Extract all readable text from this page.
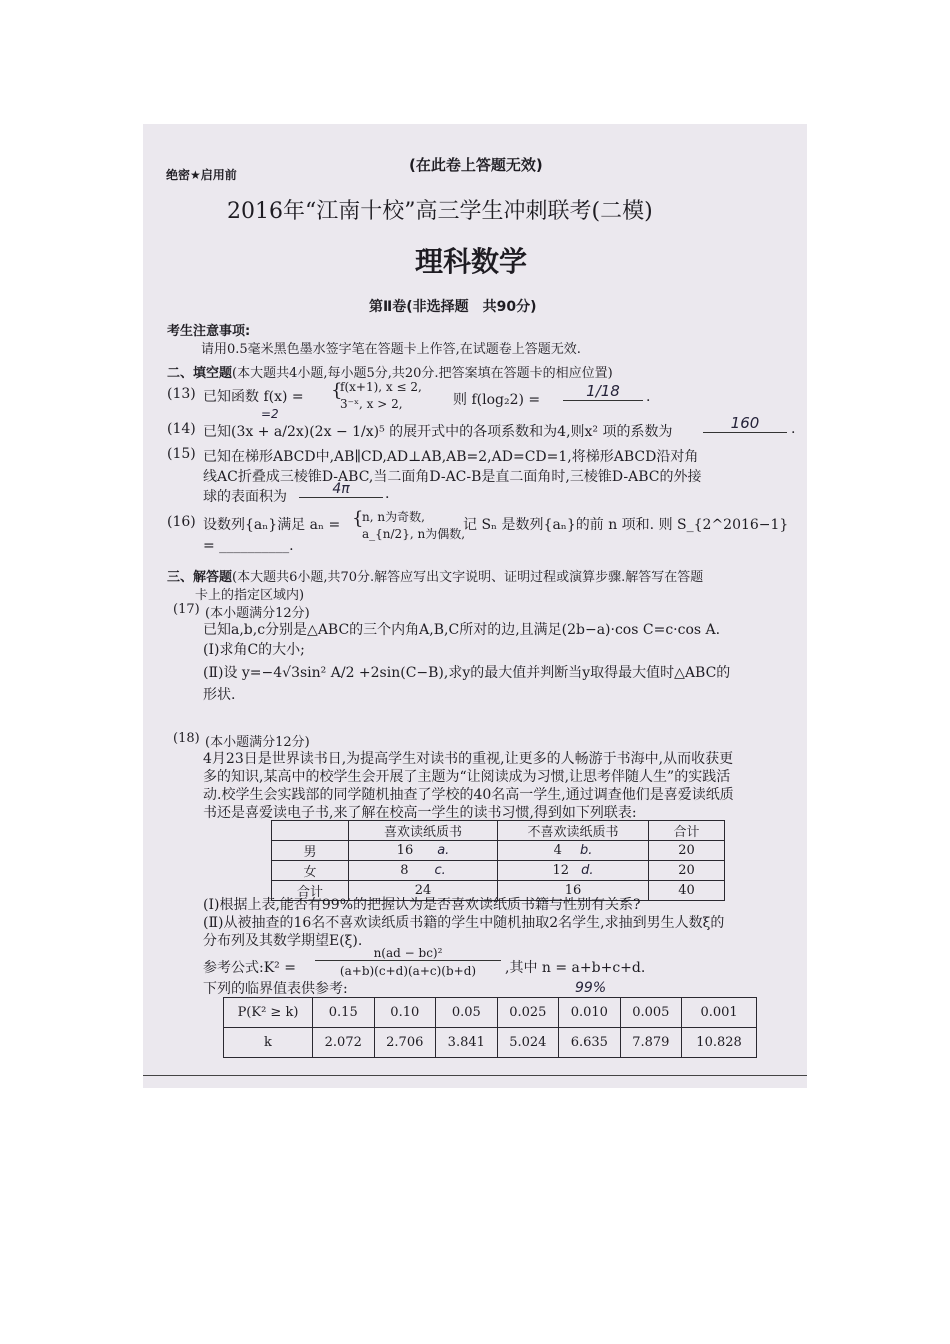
(在此卷上答题无效)
绝密★启用前
2016年“江南十校”高三学生冲刺联考(二模)
理科数学
第Ⅱ卷(非选择题　共90分)
考生注意事项:
请用0.5毫米黑色墨水签字笔在答题卡上作答,在试题卷上答题无效.
二、填空题(本大题共4小题,每小题5分,共20分.把答案填在答题卡的相应位置)
(13) 已知函数 f(x) = {
f(x+1), x ≤ 2,
3⁻ˣ, x > 2,	则 f(log₂2) =	1/18	.
=2
(14) 已知(3x + a/2x)(2x − 1/x)⁵ 的展开式中的各项系数和为4,则x² 项的系数为	160	.
(15) 已知在梯形ABCD中,AB∥CD,AD⊥AB,AB=2,AD=CD=1,将梯形ABCD沿对角
线AC折叠成三棱锥D-ABC,当二面角D-AC-B是直二面角时,三棱锥D-ABC的外接
球的表面积为	4π	.
(16) 设数列{aₙ}满足 aₙ = {
n, n为奇数,
a_{n/2}, n为偶数,
记 Sₙ 是数列{aₙ}的前 n 项和. 则 S_{2^2016−1}
= __________.
三、解答题(本大题共6小题,共70分.解答应写出文字说明、证明过程或演算步骤.解答写在答题
卡上的指定区域内)
(17) (本小题满分12分)
已知a,b,c分别是△ABC的三个内角A,B,C所对的边,且满足(2b−a)·cos C=c·cos A.
(Ⅰ)求角C的大小;
(Ⅱ)设 y=−4√3sin² A/2 +2sin(C−B),求y的最大值并判断当y取得最大值时△ABC的
形状.
(18) (本小题满分12分)
4月23日是世界读书日,为提高学生对读书的重视,让更多的人畅游于书海中,从而收获更
多的知识,某高中的校学生会开展了主题为“让阅读成为习惯,让思考伴随人生”的实践活
动.校学生会实践部的同学随机抽查了学校的40名高一学生,通过调查他们是喜爱读纸质
书还是喜爱读电子书,来了解在校高一学生的读书习惯,得到如下列联表:
	喜欢读纸质书	不喜欢读纸质书	合计
男	16 a.	4 b.	20
女	8 c.	12 d.	20
合计	24	16	40
(Ⅰ)根据上表,能否有99%的把握认为是否喜欢读纸质书籍与性别有关系?
(Ⅱ)从被抽查的16名不喜欢读纸质书籍的学生中随机抽取2名学生,求抽到男生人数ξ的
分布列及其数学期望E(ξ).
参考公式:K² =
n(ad − bc)²
(a+b)(c+d)(a+c)(b+d)	,其中 n = a+b+c+d.
下列的临界值表供参考:	99%
P(K² ≥ k)	0.15	0.10	0.05	0.025	0.010	0.005	0.001
k	2.072	2.706	3.841	5.024	6.635	7.879	10.828
